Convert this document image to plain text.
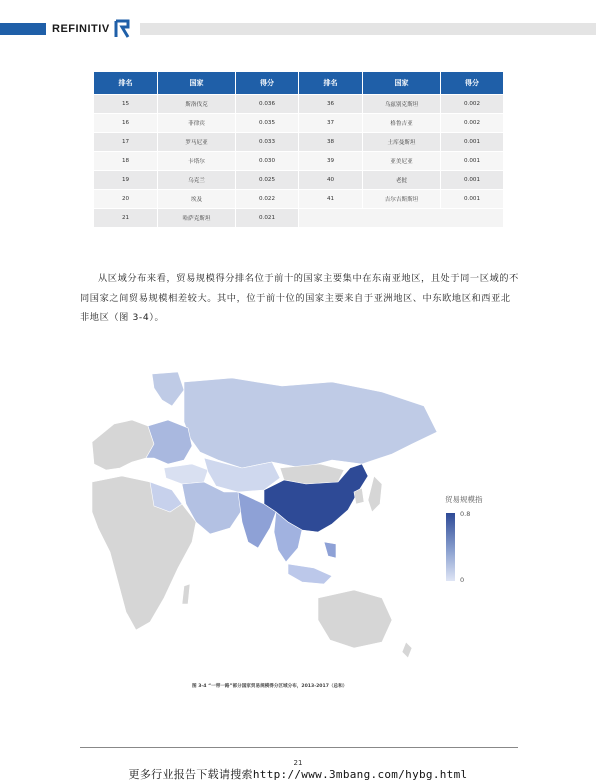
REFINITIV
排名	国家	得分	排名	国家	得分
15	斯洛伐克	0.036	36	乌兹别克斯坦	0.002
16	菲律宾	0.035	37	格鲁吉亚	0.002
17	罗马尼亚	0.033	38	土库曼斯坦	0.001
18	卡塔尔	0.030	39	亚美尼亚	0.001
19	乌克兰	0.025	40	老挝	0.001
20	埃及	0.022	41	吉尔吉斯斯坦	0.001
21	哈萨克斯坦	0.021			

从区域分布来看，贸易规模得分排名位于前十的国家主要集中在东南亚地区，且处于同一区域的不同国家之间贸易规模相差较大。其中，位于前十位的国家主要来自于亚洲地区、中东欧地区和西亚北非地区（图 3-4）。

贸易规模指
0.8
0
图 3-4 “一带一路”部分国家贸易规模得分区域分布，2013-2017（总和）
21
更多行业报告下载请搜索http://www.3mbang.com/hybg.html
